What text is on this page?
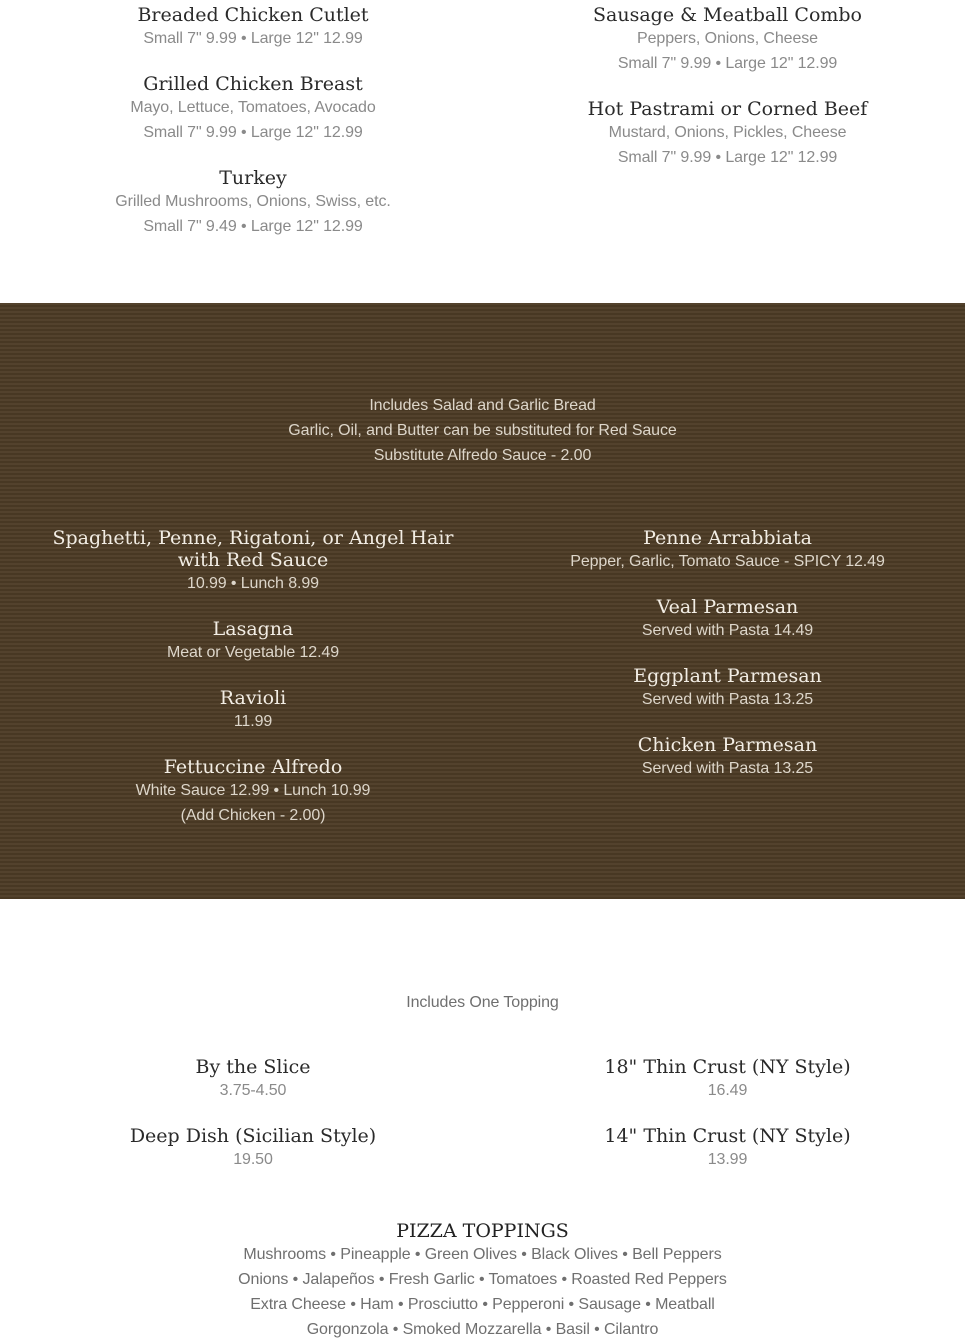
Breaded Chicken Cutlet
Small 7" 9.99 • Large 12" 12.99
Grilled Chicken Breast
Mayo, Lettuce, Tomatoes, Avocado
Small 7" 9.99 • Large 12" 12.99
Turkey
Grilled Mushrooms, Onions, Swiss, etc.
Small 7" 9.49 • Large 12" 12.99
Sausage & Meatball Combo
Peppers, Onions, Cheese
Small 7" 9.99 • Large 12" 12.99
Hot Pastrami or Corned Beef
Mustard, Onions, Pickles, Cheese
Small 7" 9.99 • Large 12" 12.99
Includes Salad and Garlic Bread
Garlic, Oil, and Butter can be substituted for Red Sauce
Substitute Alfredo Sauce - 2.00
Spaghetti, Penne, Rigatoni, or Angel Hair
with Red Sauce
10.99 • Lunch 8.99
Lasagna
Meat or Vegetable 12.49
Ravioli
11.99
Fettuccine Alfredo
White Sauce 12.99 • Lunch 10.99
(Add Chicken - 2.00)
Penne Arrabbiata
Pepper, Garlic, Tomato Sauce - SPICY 12.49
Veal Parmesan
Served with Pasta 14.49
Eggplant Parmesan
Served with Pasta 13.25
Chicken Parmesan
Served with Pasta 13.25
Includes One Topping
By the Slice
3.75-4.50
Deep Dish (Sicilian Style)
19.50
18" Thin Crust (NY Style)
16.49
14" Thin Crust (NY Style)
13.99
PIZZA TOPPINGS
Mushrooms • Pineapple • Green Olives • Black Olives • Bell Peppers
Onions • Jalapeños • Fresh Garlic • Tomatoes • Roasted Red Peppers
Extra Cheese • Ham • Prosciutto • Pepperoni • Sausage • Meatball
Gorgonzola • Smoked Mozzarella • Basil • Cilantro
